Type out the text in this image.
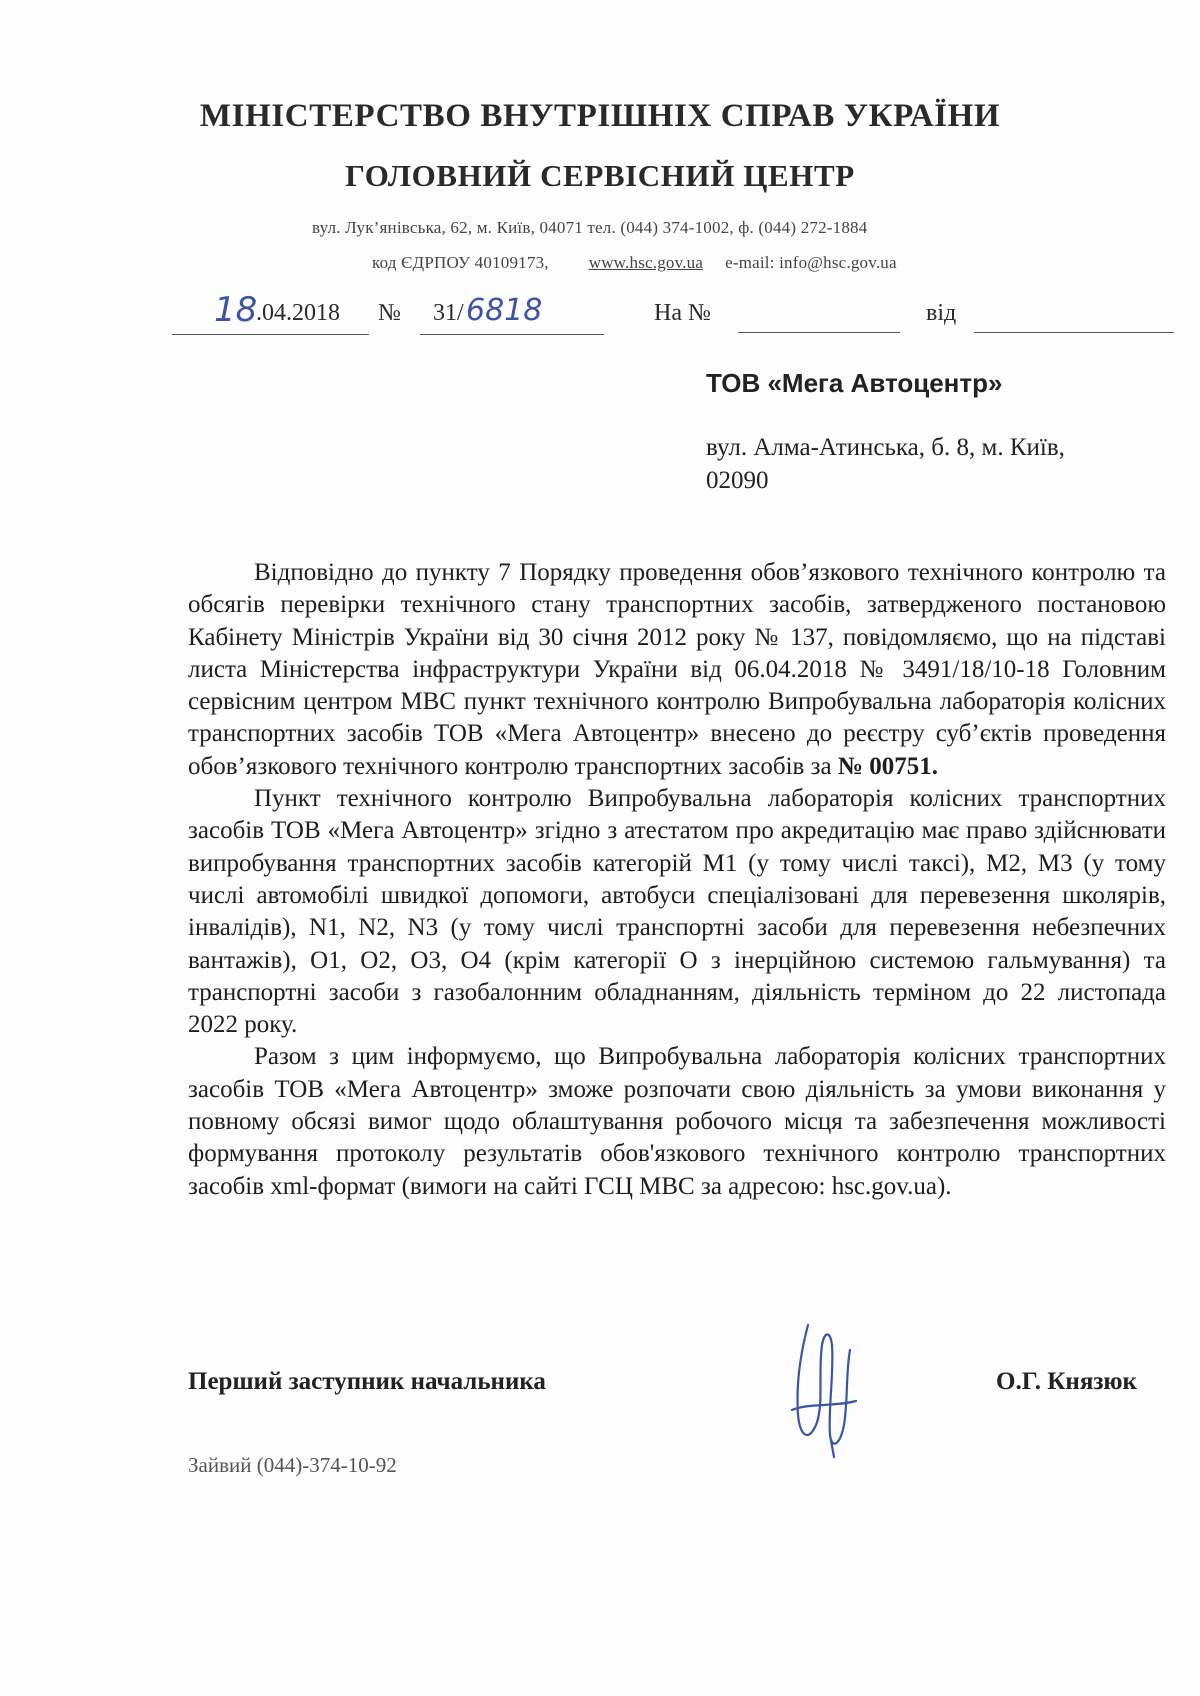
МІНІСТЕРСТВО ВНУТРІШНІХ СПРАВ УКРАЇНИ
ГОЛОВНИЙ СЕРВІСНИЙ ЦЕНТР
вул. Лук’янівська, 62, м. Київ, 04071 тел. (044) 374-1002, ф. (044) 272-1884
код ЄДРПОУ 40109173, www.hsc.gov.ua e-mail: info@hsc.gov.ua
18
.04.2018 № 31/ 6818	На №	від
ТОВ «Мега Автоцентр»
вул. Алма-Атинська, б. 8, м. Київ, 02090

Відповідно до пункту 7 Порядку проведення обов’язкового технічного контролю та обсягів перевірки технічного стану транспортних засобів, затвердженого постановою Кабінету Міністрів України від 30 січня 2012 року № 137, повідомляємо, що на підставі листа Міністерства інфраструктури України від 06.04.2018 № 3491/18/10-18 Головним сервісним центром МВС пункт технічного контролю Випробувальна лабораторія колісних транспортних засобів ТОВ «Мега Автоцентр» внесено до реєстру суб’єктів проведення обов’язкового технічного контролю транспортних засобів за № 00751.

Пункт технічного контролю Випробувальна лабораторія колісних транспортних засобів ТОВ «Мега Автоцентр» згідно з атестатом про акредитацію має право здійснювати випробування транспортних засобів категорій М1 (у тому числі таксі), М2, М3 (у тому числі автомобілі швидкої допомоги, автобуси спеціалізовані для перевезення школярів, інвалідів), N1, N2, N3 (у тому числі транспортні засоби для перевезення небезпечних вантажів), O1, O2, O3, O4 (крім категорії О з інерційною системою гальмування) та транспортні засоби з газобалонним обладнанням, діяльність терміном до 22 листопада 2022 року.

Разом з цим інформуємо, що Випробувальна лабораторія колісних транспортних засобів ТОВ «Мега Автоцентр» зможе розпочати свою діяльність за умови виконання у повному обсязі вимог щодо облаштування робочого місця та забезпечення можливості формування протоколу результатів обов'язкового технічного контролю транспортних засобів xml-формат (вимоги на сайті ГСЦ МВС за адресою: hsc.gov.ua).

Перший заступник начальника	О.Г. Князюк
Зайвий (044)-374-10-92
